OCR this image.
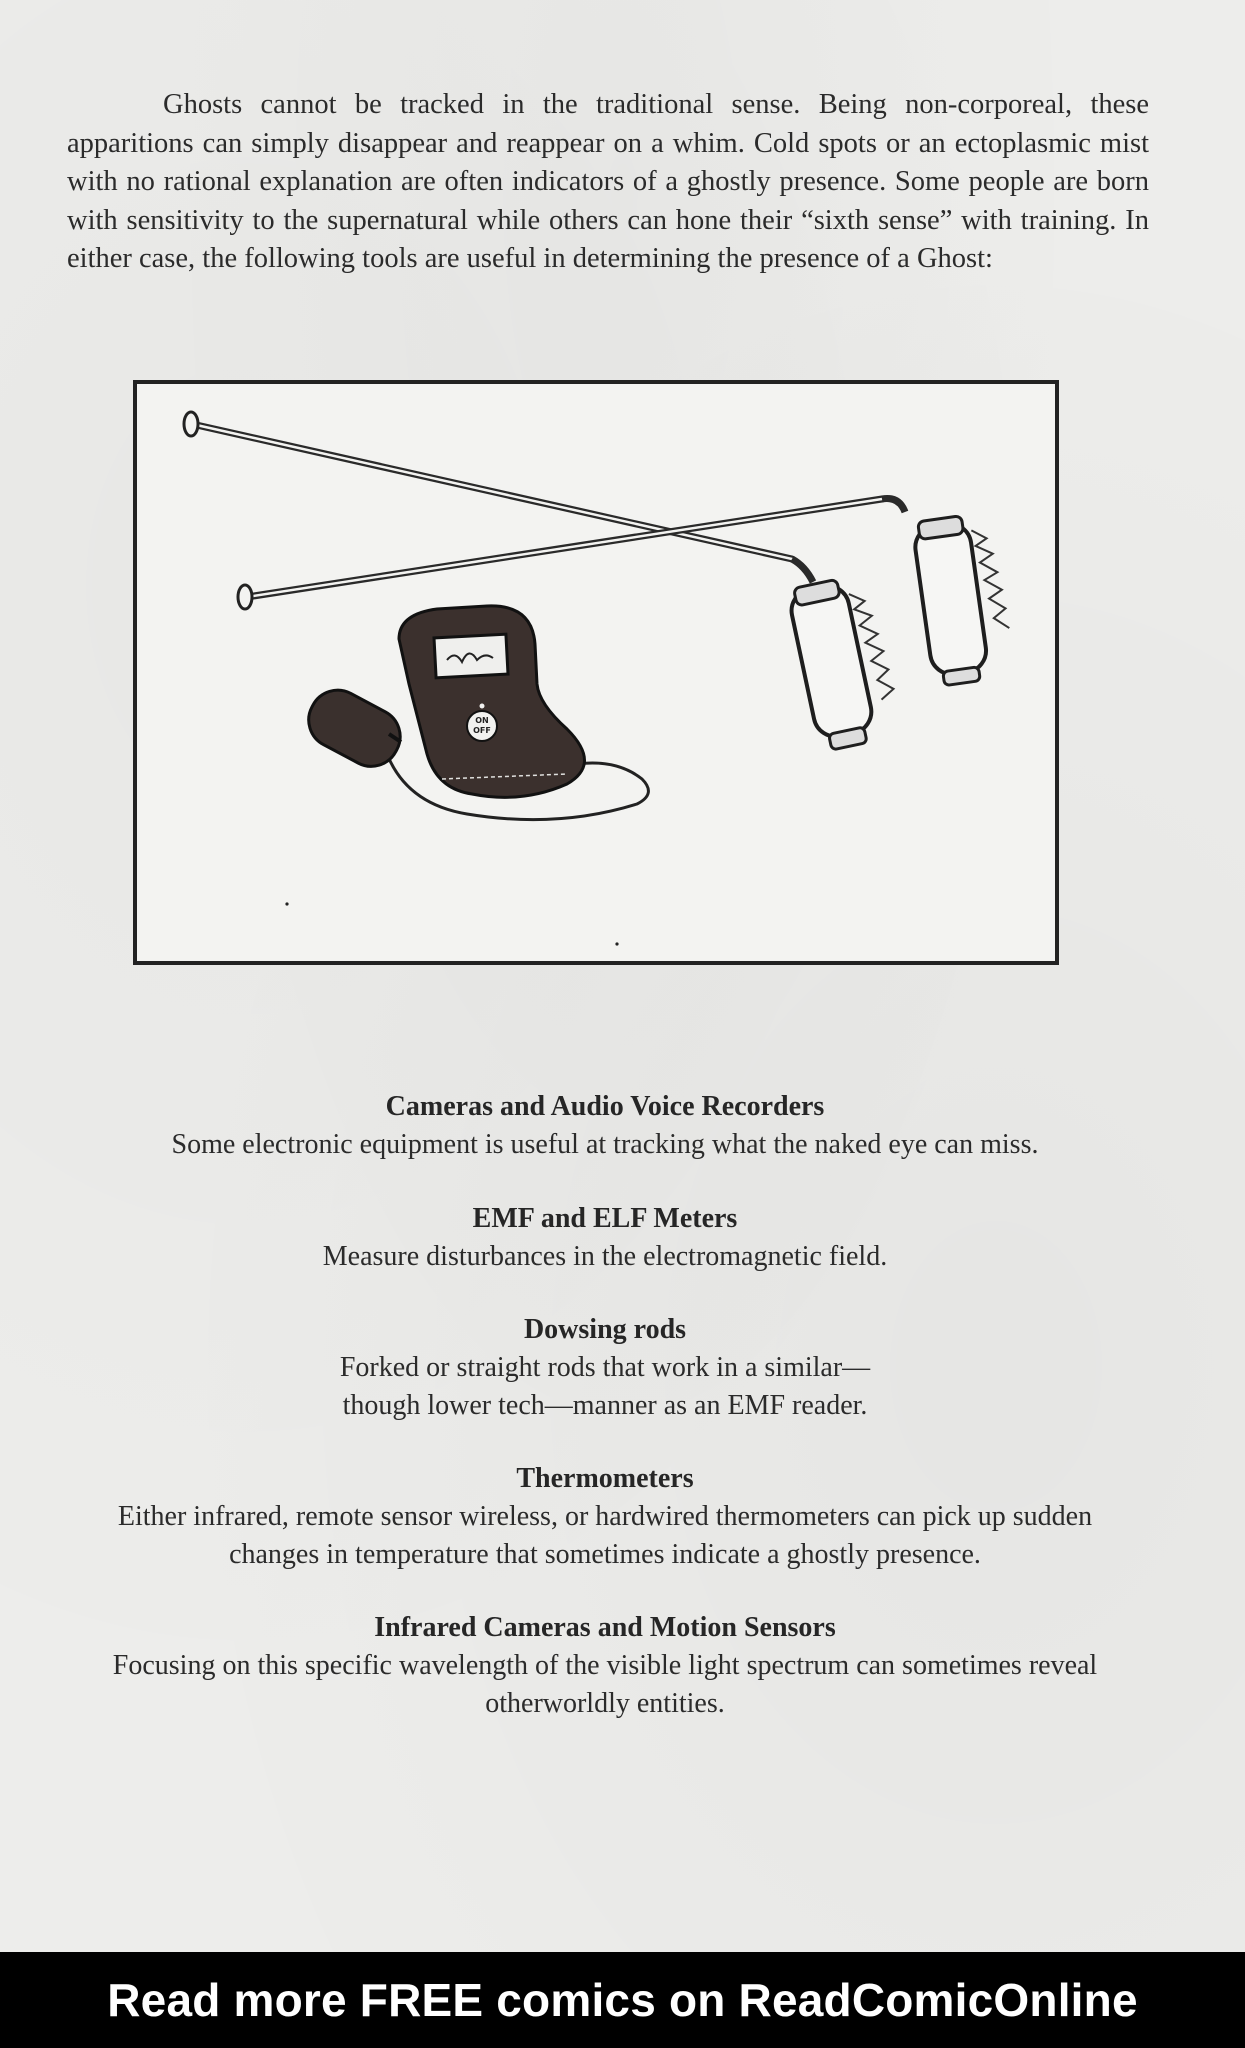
Ghosts cannot be tracked in the traditional sense. Being non-corporeal, these apparitions can simply disappear and reappear on a whim. Cold spots or an ectoplasmic mist with no rational explanation are often indicators of a ghostly presence. Some people are born with sensitivity to the supernatural while others can hone their “sixth sense” with training. In either case, the following tools are useful in determining the presence of a Ghost:

ON
OFF
Cameras and Audio Voice Recorders
Some electronic equipment is useful at tracking what the naked eye can miss.
EMF and ELF Meters
Measure disturbances in the electromagnetic field.
Dowsing rods
Forked or straight rods that work in a similar—
though lower tech—manner as an EMF reader.
Thermometers
Either infrared, remote sensor wireless, or hardwired thermometers can pick up sudden
changes in temperature that sometimes indicate a ghostly presence.
Infrared Cameras and Motion Sensors
Focusing on this specific wavelength of the visible light spectrum can sometimes reveal
otherworldly entities.
Read more FREE comics on ReadComicOnline
